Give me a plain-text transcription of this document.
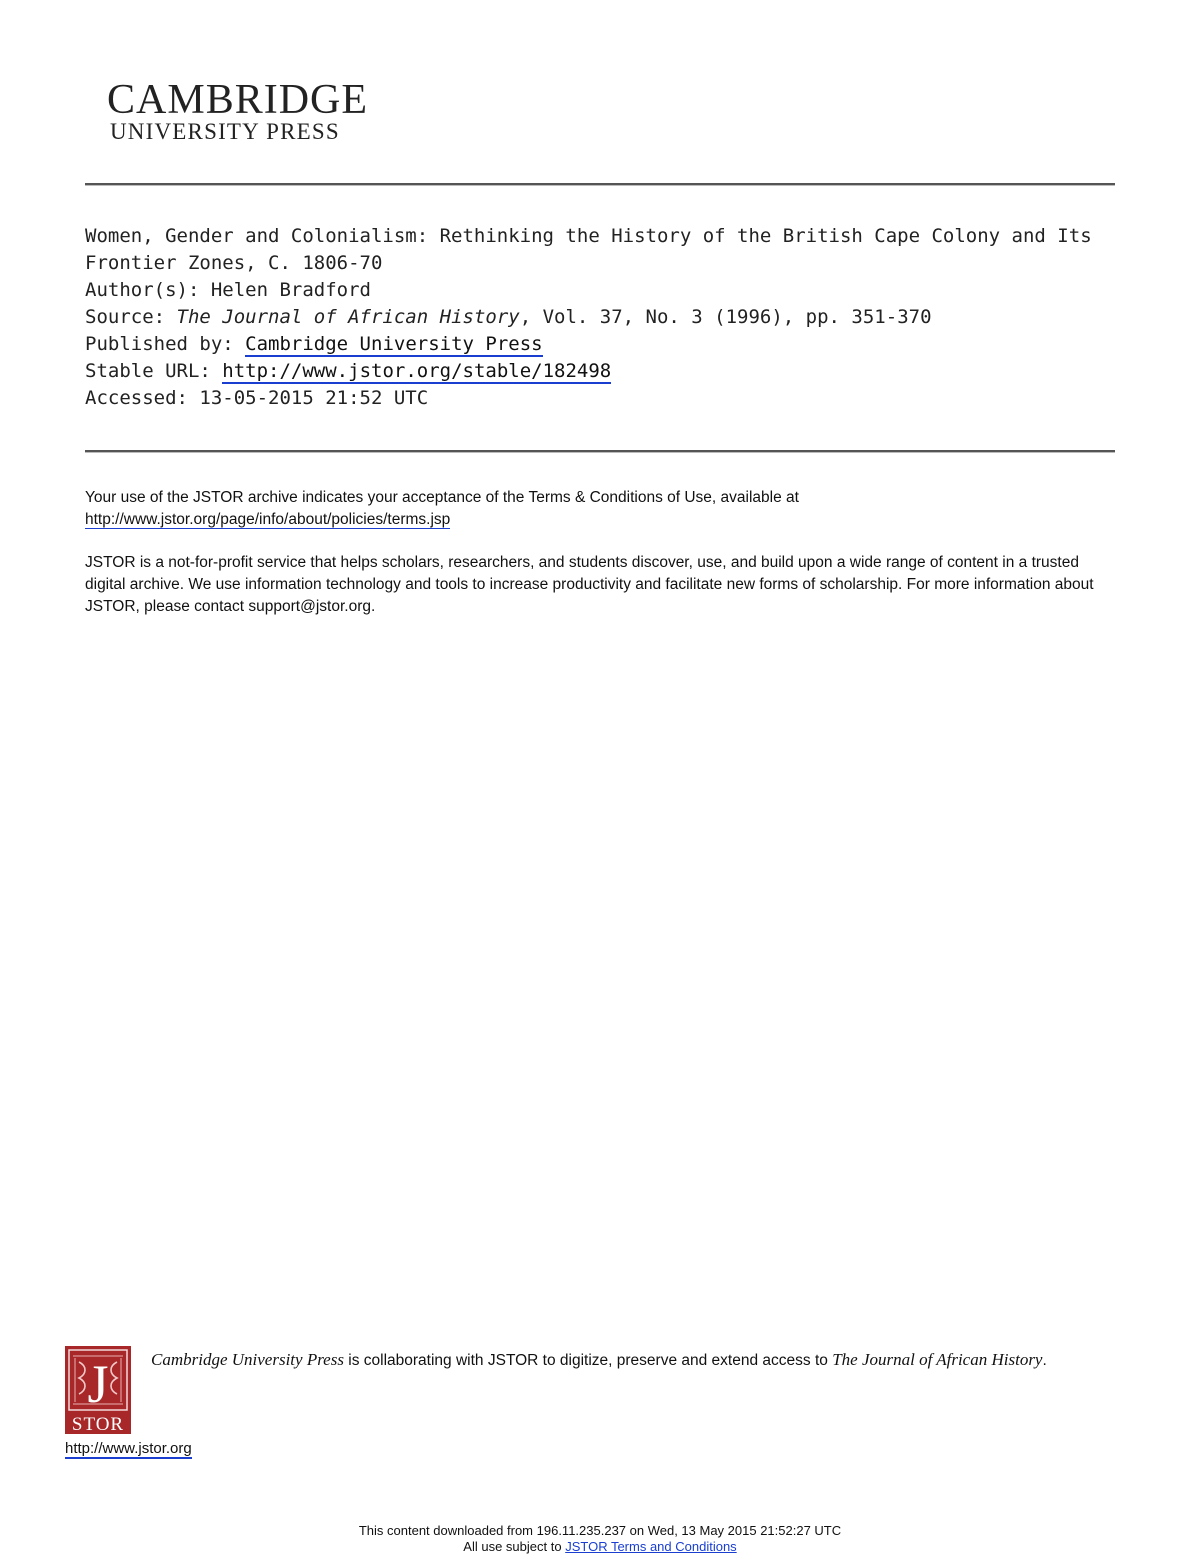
CAMBRIDGE
UNIVERSITY PRESS
Women, Gender and Colonialism: Rethinking the History of the British Cape Colony and Its Frontier Zones, C. 1806-70
Author(s): Helen Bradford
Source: The Journal of African History, Vol. 37, No. 3 (1996), pp. 351-370
Published by: Cambridge University Press
Stable URL: http://www.jstor.org/stable/182498
Accessed: 13-05-2015 21:52 UTC
Your use of the JSTOR archive indicates your acceptance of the Terms & Conditions of Use, available at http://www.jstor.org/page/info/about/policies/terms.jsp
JSTOR is a not-for-profit service that helps scholars, researchers, and students discover, use, and build upon a wide range of content in a trusted digital archive. We use information technology and tools to increase productivity and facilitate new forms of scholarship. For more information about JSTOR, please contact support@jstor.org.
J
STOR
Cambridge University Press is collaborating with JSTOR to digitize, preserve and extend access to The Journal of African History.
http://www.jstor.org
This content downloaded from 196.11.235.237 on Wed, 13 May 2015 21:52:27 UTC
All use subject to JSTOR Terms and Conditions
